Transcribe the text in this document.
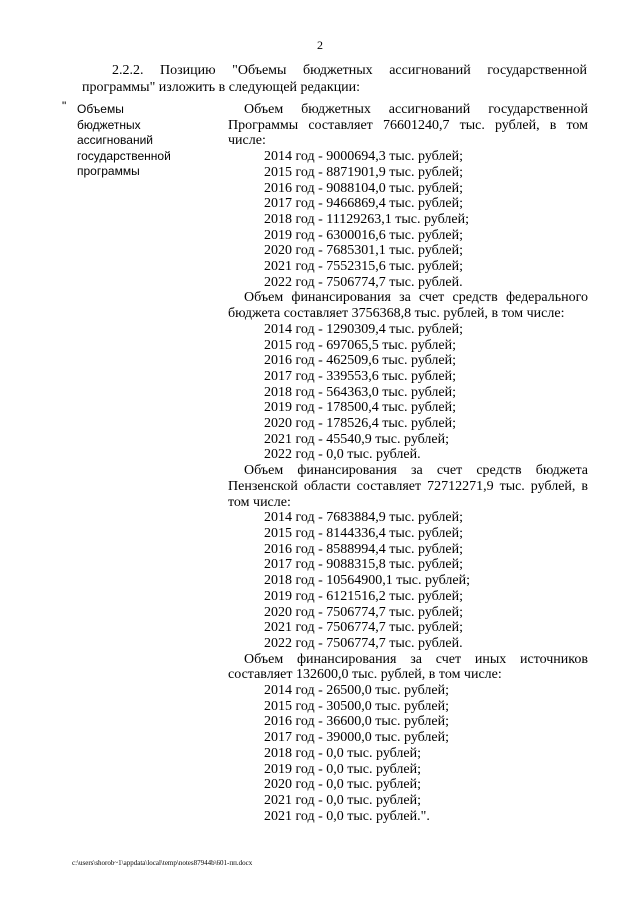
2
2.2.2. Позицию "Объемы бюджетных ассигнований государственной
программы" изложить в следующей редакции:
" Объемы
бюджетных
ассигнований
государственной
программы
Объем бюджетных ассигнований государственной Программы составляет 76601240,7 тыс. рублей, в том числе:
2014 год - 9000694,3 тыс. рублей;
2015 год - 8871901,9 тыс. рублей;
2016 год - 9088104,0 тыс. рублей;
2017 год - 9466869,4 тыс. рублей;
2018 год - 11129263,1 тыс. рублей;
2019 год - 6300016,6 тыс. рублей;
2020 год - 7685301,1 тыс. рублей;
2021 год - 7552315,6 тыс. рублей;
2022 год - 7506774,7 тыс. рублей.
Объем финансирования за счет средств федерального бюджета составляет 3756368,8 тыс. рублей, в том числе:
2014 год - 1290309,4 тыс. рублей;
2015 год - 697065,5 тыс. рублей;
2016 год - 462509,6 тыс. рублей;
2017 год - 339553,6 тыс. рублей;
2018 год - 564363,0 тыс. рублей;
2019 год - 178500,4 тыс. рублей;
2020 год - 178526,4 тыс. рублей;
2021 год - 45540,9 тыс. рублей;
2022 год - 0,0 тыс. рублей.
Объем финансирования за счет средств бюджета Пензенской области составляет 72712271,9 тыс. рублей, в том числе:
2014 год - 7683884,9 тыс. рублей;
2015 год - 8144336,4 тыс. рублей;
2016 год - 8588994,4 тыс. рублей;
2017 год - 9088315,8 тыс. рублей;
2018 год - 10564900,1 тыс. рублей;
2019 год - 6121516,2 тыс. рублей;
2020 год - 7506774,7 тыс. рублей;
2021 год - 7506774,7 тыс. рублей;
2022 год - 7506774,7 тыс. рублей.
Объем финансирования за счет иных источников составляет 132600,0 тыс. рублей, в том числе:
2014 год - 26500,0 тыс. рублей;
2015 год - 30500,0 тыс. рублей;
2016 год - 36600,0 тыс. рублей;
2017 год - 39000,0 тыс. рублей;
2018 год - 0,0 тыс. рублей;
2019 год - 0,0 тыс. рублей;
2020 год - 0,0 тыс. рублей;
2021 год - 0,0 тыс. рублей;
2021 год - 0,0 тыс. рублей.".
c:\users\shorob~1\appdata\local\temp\notes87944b\601-пп.docx
